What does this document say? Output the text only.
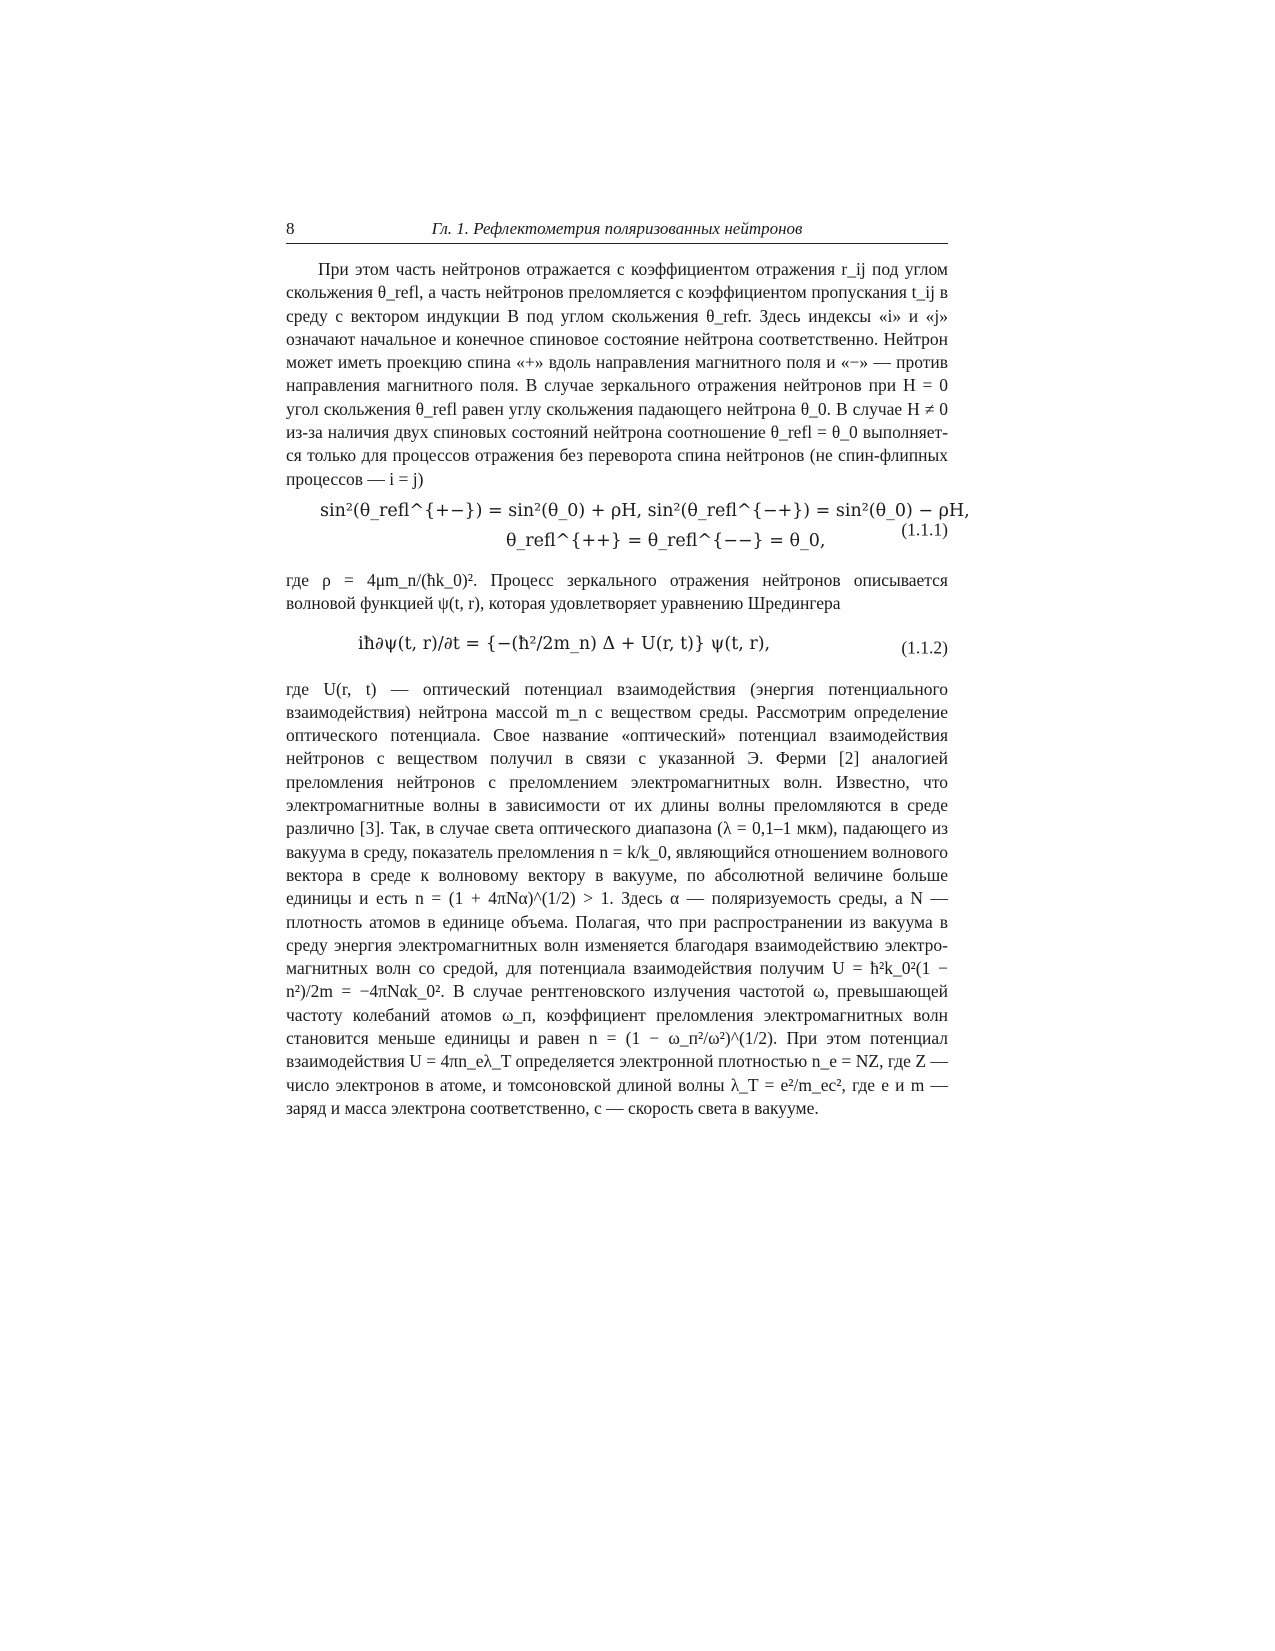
8	Гл. 1. Рефлектометрия поляризованных нейтронов

При этом часть нейтронов отражается с коэффициентом отражения r_ij под углом скольжения θ_refl, а часть нейтронов преломляется с коэффициентом пропускания t_ij в среду с вектором индукции B под углом скольжения θ_refr. Здесь индексы «i» и «j» означают начальное и конечное спиновое состояние нейтрона соответственно. Нейтрон может иметь проекцию спина «+» вдоль направления магнитного поля и «−» — против направления магнитного поля. В случае зеркального отражения нейтронов при H = 0 угол скольжения θ_refl равен углу скольжения падающего нейтрона θ_0. В случае H ≠ 0 из-за наличия двух спиновых состояний нейтрона соотношение θ_refl = θ_0 выполняется только для процессов отражения без переворота спина нейтронов (не спин-флипных процессов — i = j)

sin²(θ_refl^{+−}) = sin²(θ_0) + ρH, sin²(θ_refl^{−+}) = sin²(θ_0) − ρH,
θ_refl^{++} = θ_refl^{−−} = θ_0,
(1.1.1)

где ρ = 4μm_n/(ħk_0)². Процесс зеркального отражения нейтронов описывается волновой функцией ψ(t, r), которая удовлетворяет уравнению Шредингера

iħ∂ψ(t, r)/∂t = {−(ħ²/2m_n) Δ + U(r, t)} ψ(t, r),	(1.1.2)

где U(r, t) — оптический потенциал взаимодействия (энергия потенциального взаимодействия) нейтрона массой m_n с веществом среды. Рассмотрим определение оптического потенциала. Свое название «оптический» потенциал взаимодействия нейтронов с веществом получил в связи с указанной Э. Ферми [2] аналогией преломления нейтронов с преломлением электромагнитных волн. Известно, что электромагнитные волны в зависимости от их длины волны преломляются в среде различно [3]. Так, в случае света оптического диапазона (λ = 0,1–1 мкм), падающего из вакуума в среду, показатель преломления n = k/k_0, являющийся отношением волнового вектора в среде к волновому вектору в вакууме, по абсолютной величине больше единицы и есть n = (1 + 4πNα)^(1/2) > 1. Здесь α — поляризуемость среды, а N — плотность атомов в единице объема. Полагая, что при распространении из вакуума в среду энергия электромагнитных волн изменяется благодаря взаимодействию электромагнитных волн со средой, для потенциала взаимодействия получим U = ħ²k_0²(1 − n²)/2m = −4πNαk_0². В случае рентгеновского излучения частотой ω, превышающей частоту колебаний атомов ω_п, коэффициент преломления электромагнитных волн становится меньше единицы и равен n = (1 − ω_п²/ω²)^(1/2). При этом потенциал взаимодействия U = 4πn_eλ_T определяется электронной плотностью n_e = NZ, где Z — число электронов в атоме, и томсоновской длиной волны λ_T = e²/m_ec², где e и m — заряд и масса электрона соответственно, c — скорость света в вакууме.
